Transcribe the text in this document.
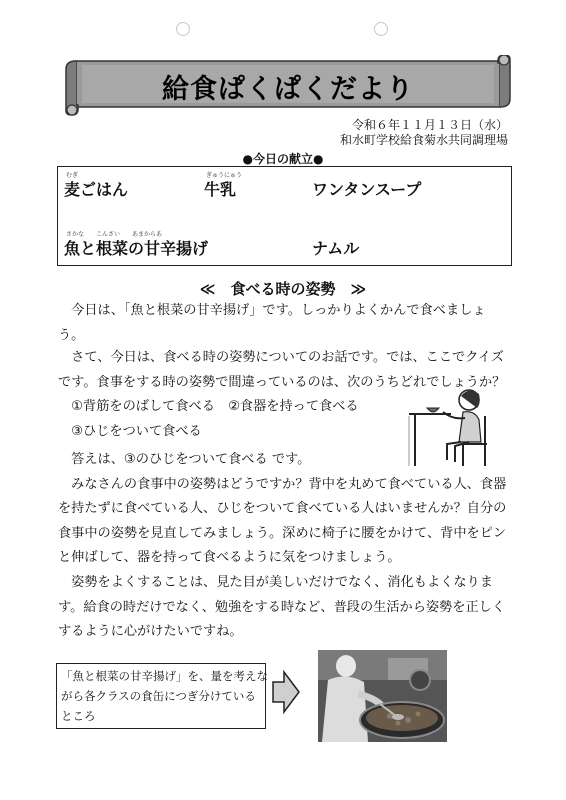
給食ぱくぱくだより
令和６年１１月１３日（水）
和水町学校給食菊水共同調理場
●今日の献立●
むぎ
麦ごはん
ぎゅうにゅう
牛乳	ワンタンスープ
さかな　　こんさい　　あまからあ
魚と根菜の甘辛揚げ	ナムル
≪　食べる時の姿勢　≫
　今日は、「魚と根菜の甘辛揚げ」です。しっかりよくかんで食べましょ
う。
　さて、今日は、食べる時の姿勢についてのお話です。では、ここでクイズ
です。食事をする時の姿勢で間違っているのは、次のうちどれでしょうか？
　①背筋をのばして食べる　②食器を持って食べる
　③ひじをついて食べる
　答えは、③のひじをついて食べる です。
　みなさんの食事中の姿勢はどうですか？背中を丸めて食べている人、食器
を持たずに食べている人、ひじをついて食べている人はいませんか？自分の
食事中の姿勢を見直してみましょう。深めに椅子に腰をかけて、背中をピン
と伸ばして、器を持って食べるように気をつけましょう。
　姿勢をよくすることは、見た目が美しいだけでなく、消化もよくなりま
す。給食の時だけでなく、勉強をする時など、普段の生活から姿勢を正しく
するように心がけたいですね。
「魚と根菜の甘辛揚げ」を、量を考えな
がら各クラスの食缶につぎ分けている
ところ
